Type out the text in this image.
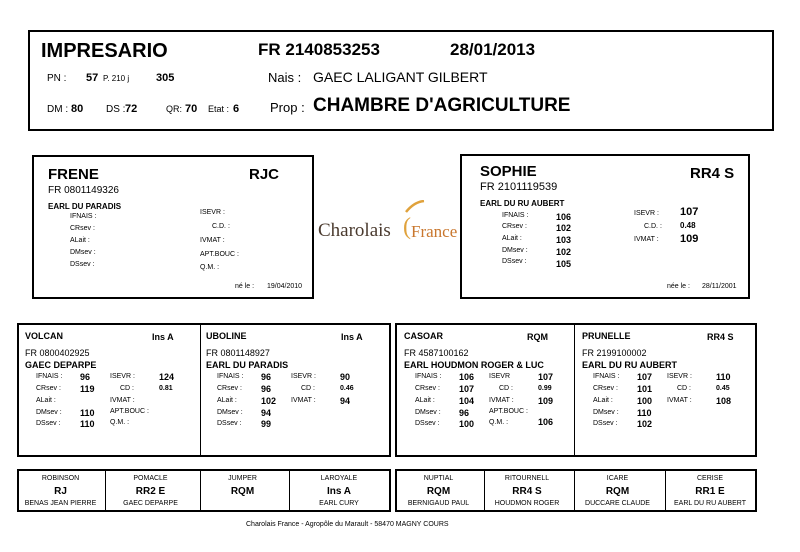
IMPRESARIO	FR 2140853253	28/01/2013
PN : 57 P. 210 j 305
DM : 80 DS : 72	QR: 70 Etat : 6
Nais : GAEC LALIGANT GILBERT
Prop : CHAMBRE D'AGRICULTURE
FRENE	RJC
FR 0801149326
EARL DU PARADIS
IFNAIS :
CRsev :
ALait :
DMsev :
DSsev :
ISEVR :
C.D. :
IVMAT :
APT.BOUC :
Q.M. :
né le : 19/04/2010
Charolais ( France
SOPHIE	RR4 S
FR 2101119539
EARL DU RU AUBERT
IFNAIS :	106
CRsev :	102
ALait :	103
DMsev :	102
DSsev :	105
ISEVR : 107
C.D. : 0.48
IVMAT : 109
née le : 28/11/2001
VOLCAN	Ins A
FR 0800402925
GAEC DEPARPE
IFNAIS : 96
CRsev : 119
ALait :
DMsev : 110
DSsev : 110
ISEVR :	124
CD :	0.81
IVMAT :
APT.BOUC :
Q.M. :
UBOLINE	Ins A
FR 0801148927
EARL DU PARADIS
IFNAIS : 96
CRsev : 96
ALait :	102
DMsev : 94
DSsev : 99
ISEVR :	90
CD :	0.46
IVMAT :	94
CASOAR	RQM
FR 4587100162
EARL HOUDMON ROGER & LUC
IFNAIS : 106
CRsev : 107
ALait :	104
DMsev : 96
DSsev : 100
ISEVR	107
CD :	0.99
IVMAT :	109
APT.BOUC :
Q.M. :	106
PRUNELLE	RR4 S
FR 2199100002
EARL DU RU AUBERT
IFNAIS : 107
CRsev : 101
ALait :	100
DMsev : 110
DSsev : 102
ISEVR :	110
CD :	0.45
IVMAT :	108
ROBINSON
RJ
BENAS JEAN PIERRE
POMACLE
RR2 E
GAEC DEPARPE
JUMPER
RQM
LAROYALE
Ins A
EARL CURY
NUPTIAL
RQM
BERNIGAUD PAUL
RITOURNELL
RR4 S
HOUDMON ROGER
ICARE
RQM
DUCCARE CLAUDE
CERISE
RR1 E
EARL DU RU AUBERT
Charolais France - Agropôle du Marault - 58470 MAGNY COURS
